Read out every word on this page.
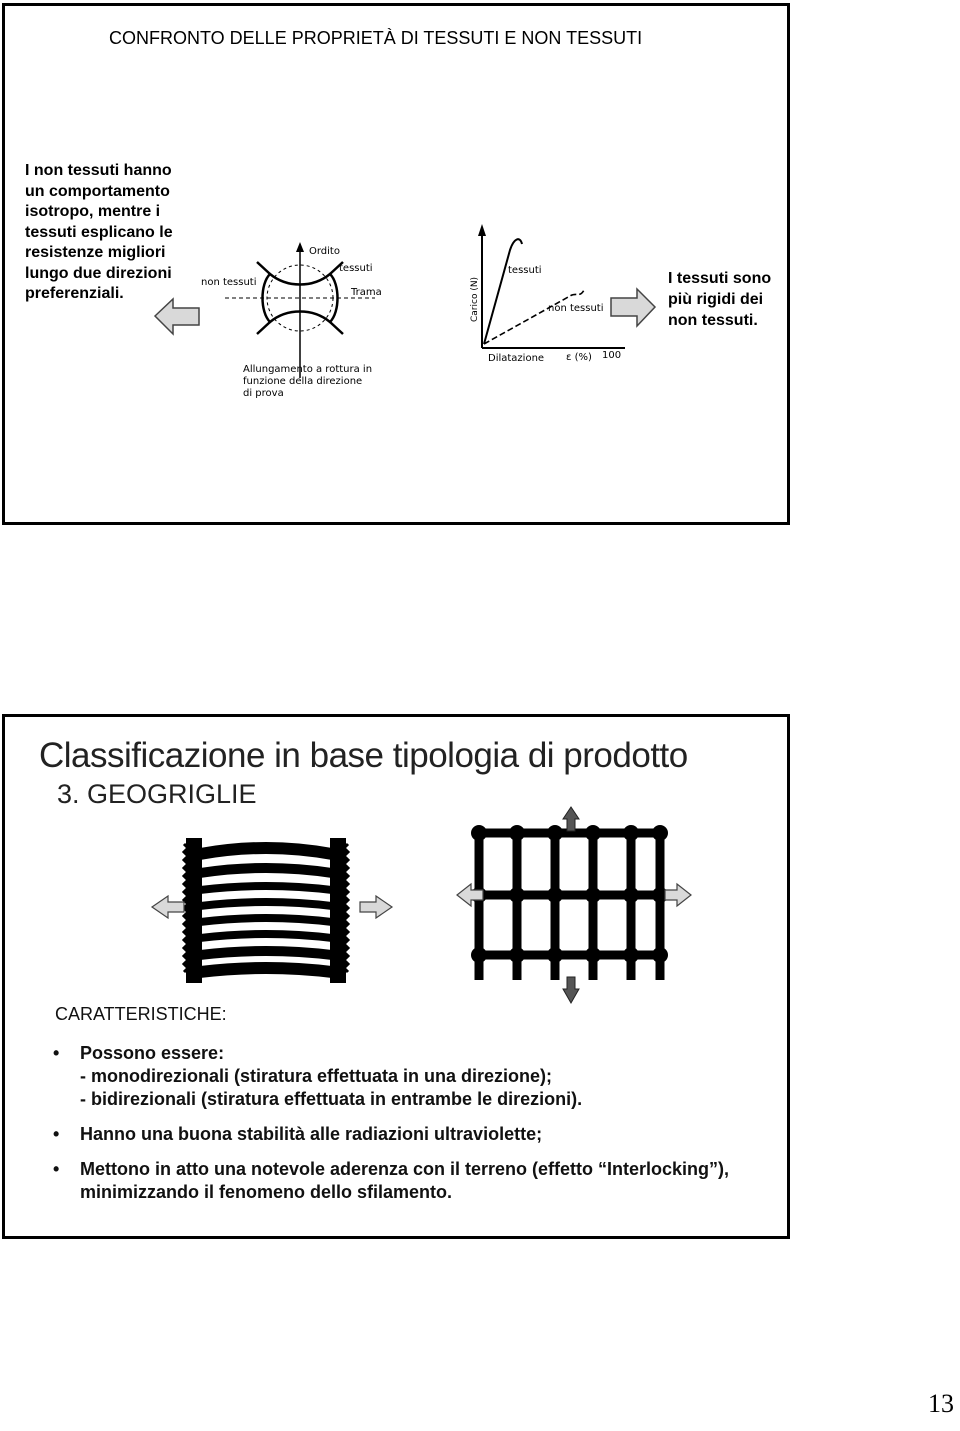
CONFRONTO DELLE PROPRIETÀ DI TESSUTI E NON TESSUTI
I non tessuti hanno un comportamento isotropo, mentre i tessuti esplicano le resistenze migliori lungo due direzioni preferenziali.
Ordito
tessuti
Trama
non tessuti
Allungamento a rottura in
funzione della direzione
di prova
Carico (N)
tessuti
non tessuti
Dilatazione ε (%) 100
I tessuti sono più rigidi dei non tessuti.
Classificazione in base tipologia di prodotto
3. GEOGRIGLIE
CARATTERISTICHE:
• Possono essere:
- monodirezionali (stiratura effettuata in una direzione);
- bidirezionali (stiratura effettuata in entrambe le direzioni).
• Hanno una buona stabilità alle radiazioni ultraviolette;
• Mettono in atto una notevole aderenza con il terreno (effetto “Interlocking”),
minimizzando il fenomeno dello sfilamento.
13
